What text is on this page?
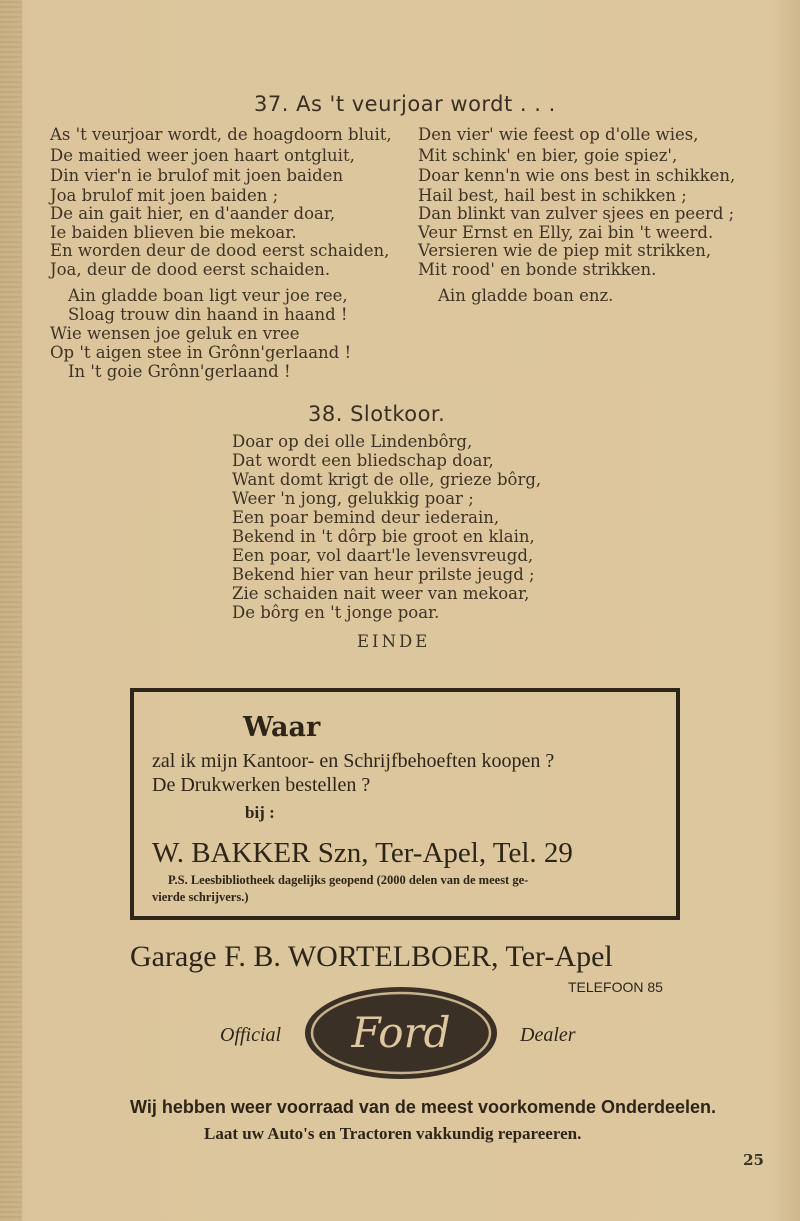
37. As 't veurjoar wordt . . .
As 't veurjoar wordt, de hoagdoorn bluit,
De maitied weer joen haart ontgluit,
Din vier'n ie brulof mit joen baiden
Joa brulof mit joen baiden ;
De ain gait hier, en d'aander doar,
Ie baiden blieven bie mekoar.
En worden deur de dood eerst schaiden,
Joa, deur de dood eerst schaiden.
Den vier' wie feest op d'olle wies,
Mit schink' en bier, goie spiez',
Doar kenn'n wie ons best in schikken,
Hail best, hail best in schikken ;
Dan blinkt van zulver sjees en peerd ;
Veur Ernst en Elly, zai bin 't weerd.
Versieren wie de piep mit strikken,
Mit rood' en bonde strikken.
Ain gladde boan ligt veur joe ree,
Sloag trouw din haand in haand !
Wie wensen joe geluk en vree
Op 't aigen stee in Grônn'gerlaand !
In 't goie Grônn'gerlaand !
Ain gladde boan enz.
38. Slotkoor.
Doar op dei olle Lindenbôrg,
Dat wordt een bliedschap doar,
Want domt krigt de olle, grieze bôrg,
Weer 'n jong, gelukkig poar ;
Een poar bemind deur iederain,
Bekend in 't dôrp bie groot en klain,
Een poar, vol daart'le levensvreugd,
Bekend hier van heur prilste jeugd ;
Zie schaiden nait weer van mekoar,
De bôrg en 't jonge poar.
EINDE
Waar
zal ik mijn Kantoor- en Schrijfbehoeften koopen ?
De Drukwerken bestellen ?
bij :
W. BAKKER Szn, Ter-Apel, Tel. 29
P.S. Leesbibliotheek dagelijks geopend (2000 delen van de meest ge-
vierde schrijvers.)
Garage F. B. WORTELBOER, Ter-Apel
TELEFOON 85
Official Ford	Dealer
Wij hebben weer voorraad van de meest voorkomende Onderdeelen.
Laat uw Auto's en Tractoren vakkundig repareeren.
25
